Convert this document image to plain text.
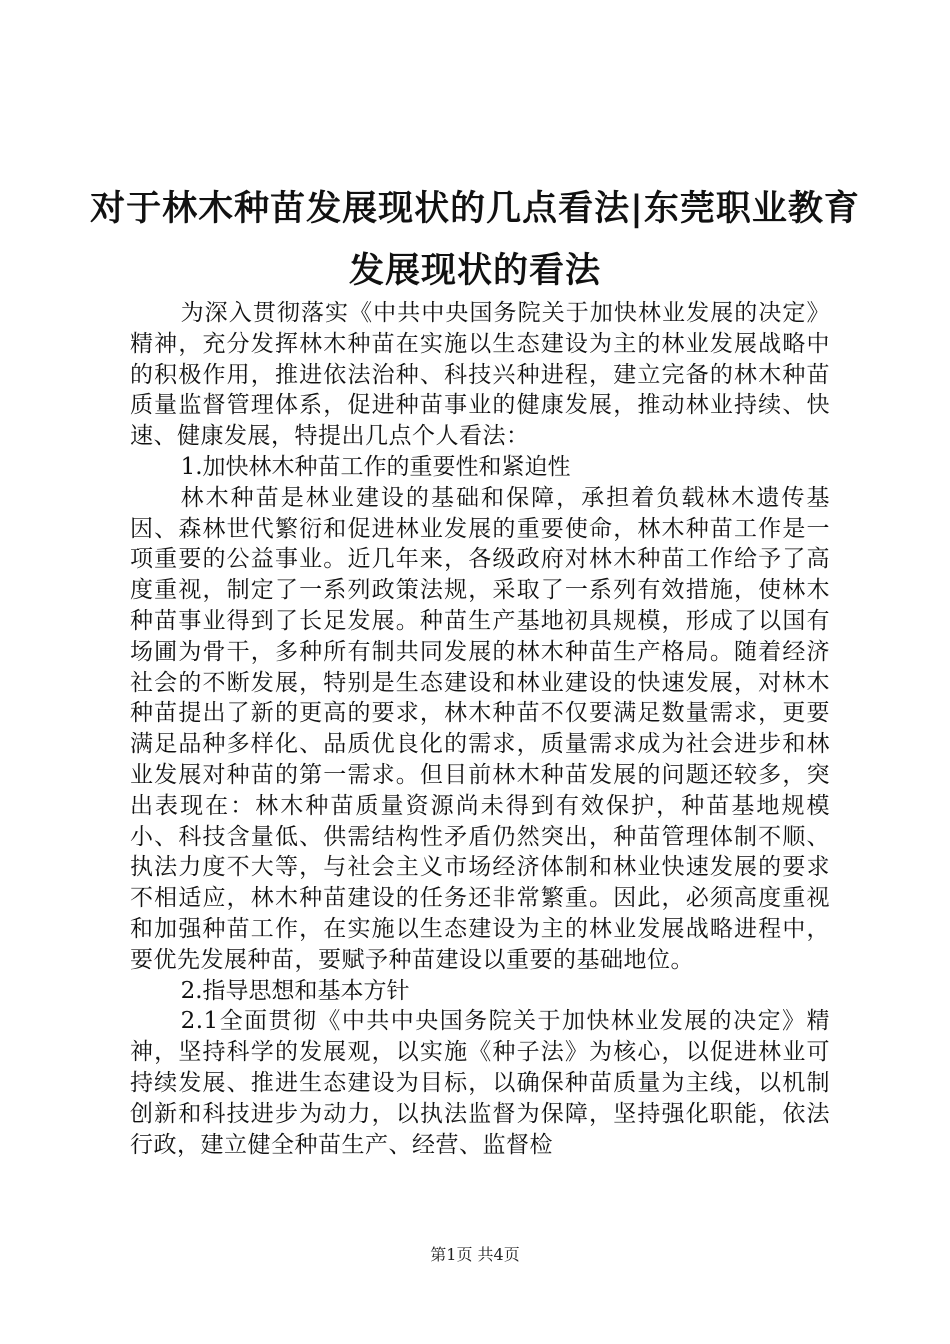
对于林木种苗发展现状的几点看法|东莞职业教育发展现状的看法

为深入贯彻落实《中共中央国务院关于加快林业发展的决定》精神，充分发挥林木种苗在实施以生态建设为主的林业发展战略中的积极作用，推进依法治种、科技兴种进程，建立完备的林木种苗质量监督管理体系，促进种苗事业的健康发展，推动林业持续、快速、健康发展，特提出几点个人看法：

1.加快林木种苗工作的重要性和紧迫性

林木种苗是林业建设的基础和保障，承担着负载林木遗传基因、森林世代繁衍和促进林业发展的重要使命，林木种苗工作是一项重要的公益事业。近几年来，各级政府对林木种苗工作给予了高度重视，制定了一系列政策法规，采取了一系列有效措施，使林木种苗事业得到了长足发展。种苗生产基地初具规模，形成了以国有场圃为骨干，多种所有制共同发展的林木种苗生产格局。随着经济社会的不断发展，特别是生态建设和林业建设的快速发展，对林木种苗提出了新的更高的要求，林木种苗不仅要满足数量需求，更要满足品种多样化、品质优良化的需求，质量需求成为社会进步和林业发展对种苗的第一需求。但目前林木种苗发展的问题还较多，突出表现在：林木种苗质量资源尚未得到有效保护，种苗基地规模小、科技含量低、供需结构性矛盾仍然突出，种苗管理体制不顺、执法力度不大等，与社会主义市场经济体制和林业快速发展的要求不相适应，林木种苗建设的任务还非常繁重。因此，必须高度重视和加强种苗工作，在实施以生态建设为主的林业发展战略进程中，要优先发展种苗，要赋予种苗建设以重要的基础地位。

2.指导思想和基本方针

2.1全面贯彻《中共中央国务院关于加快林业发展的决定》精神，坚持科学的发展观，以实施《种子法》为核心，以促进林业可持续发展、推进生态建设为目标，以确保种苗质量为主线，以机制创新和科技进步为动力，以执法监督为保障，坚持强化职能，依法行政，建立健全种苗生产、经营、监督检

第1页 共4页
